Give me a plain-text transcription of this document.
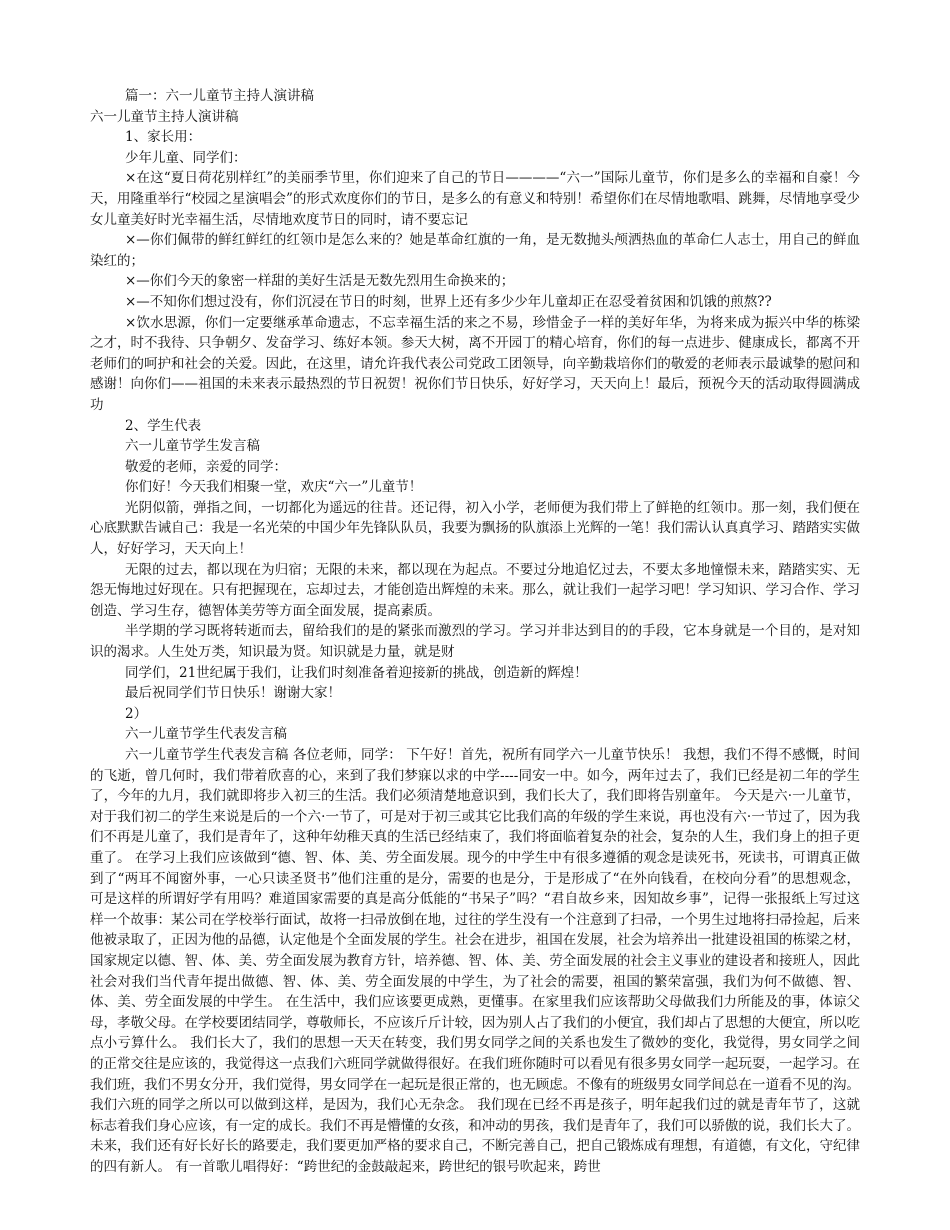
篇一：六一儿童节主持人演讲稿

六一儿童节主持人演讲稿

1、家长用：

少年儿童、同学们：

×在这“夏日荷花别样红”的美丽季节里，你们迎来了自己的节日————“六一”国际儿童节，你们是多么的幸福和自豪！今天，用隆重举行“校园之星演唱会”的形式欢度你们的节日，是多么的有意义和特别！希望你们在尽情地歌唱、跳舞，尽情地享受少女儿童美好时光幸福生活，尽情地欢度节日的同时，请不要忘记

×—你们佩带的鲜红鲜红的红领巾是怎么来的？她是革命红旗的一角，是无数抛头颅洒热血的革命仁人志士，用自己的鲜血染红的；

×—你们今天的象密一样甜的美好生活是无数先烈用生命换来的；

×—不知你们想过没有，你们沉浸在节日的时刻，世界上还有多少少年儿童却正在忍受着贫困和饥饿的煎熬??

×饮水思源，你们一定要继承革命遗志，不忘幸福生活的来之不易，珍惜金子一样的美好年华，为将来成为振兴中华的栋梁之才，时不我待、只争朝夕、发奋学习、练好本领。参天大树，离不开园丁的精心培育，你们的每一点进步、健康成长，都离不开老师们的呵护和社会的关爱。因此，在这里，请允许我代表公司党政工团领导，向辛勤栽培你们的敬爱的老师表示最诚挚的慰问和感谢！向你们——祖国的未来表示最热烈的节日祝贺！祝你们节日快乐，好好学习，天天向上！最后，预祝今天的活动取得圆满成功

2、学生代表

六一儿童节学生发言稿

敬爱的老师，亲爱的同学：

你们好！今天我们相聚一堂，欢庆“六一”儿童节！

光阴似箭，弹指之间，一切都化为遥远的往昔。还记得，初入小学，老师便为我们带上了鲜艳的红领巾。那一刻，我们便在心底默默告诫自己：我是一名光荣的中国少年先锋队队员，我要为飘扬的队旗添上光辉的一笔！我们需认认真真学习、踏踏实实做人，好好学习，天天向上！

无限的过去，都以现在为归宿；无限的未来，都以现在为起点。不要过分地追忆过去，不要太多地憧憬未来，踏踏实实、无怨无悔地过好现在。只有把握现在，忘却过去，才能创造出辉煌的未来。那么，就让我们一起学习吧！学习知识、学习合作、学习创造、学习生存，德智体美劳等方面全面发展，提高素质。

半学期的学习既将转逝而去，留给我们的是的紧张而激烈的学习。学习并非达到目的的手段，它本身就是一个目的，是对知识的渴求。人生处万类，知识最为贤。知识就是力量，就是财

同学们，21世纪属于我们，让我们时刻准备着迎接新的挑战，创造新的辉煌！

最后祝同学们节日快乐！谢谢大家！

2）

六一儿童节学生代表发言稿

六一儿童节学生代表发言稿 各位老师，同学： 下午好！首先，祝所有同学六一儿童节快乐！ 我想，我们不得不感慨，时间的飞逝，曾几何时，我们带着欣喜的心，来到了我们梦寐以求的中学----同安一中。如今，两年过去了，我们已经是初二年的学生了，今年的九月，我们就即将步入初三的生活。我们必须清楚地意识到，我们长大了，我们即将告别童年。 今天是六·一儿童节，对于我们初二的学生来说是后的一个六·一节了，可是对于初三或其它比我们高的年级的学生来说，再也没有六·一节过了，因为我们不再是儿童了，我们是青年了，这种年幼稚天真的生活已经结束了，我们将面临着复杂的社会，复杂的人生，我们身上的担子更重了。 在学习上我们应该做到“德、智、体、美、劳全面发展。现今的中学生中有很多遵循的观念是读死书，死读书，可谓真正做到了“两耳不闻窗外事，一心只读圣贤书”他们注重的是分，需要的也是分，于是形成了“在外向钱看，在校向分看”的思想观念，可是这样的所谓好学有用吗？难道国家需要的真是高分低能的“书呆子”吗？“君自故乡来，因知故乡事”，记得一张报纸上写过这样一个故事：某公司在学校举行面试，故将一扫帚放倒在地，过往的学生没有一个注意到了扫帚，一个男生过地将扫帚捡起，后来他被录取了，正因为他的品德，认定他是个全面发展的学生。社会在进步，祖国在发展，社会为培养出一批建设祖国的栋梁之材，国家规定以德、智、体、美、劳全面发展为教育方针，培养德、智、体、美、劳全面发展的社会主义事业的建设者和接班人，因此社会对我们当代青年提出做德、智、体、美、劳全面发展的中学生，为了社会的需要，祖国的繁荣富强，我们为何不做德、智、体、美、劳全面发展的中学生。 在生活中，我们应该要更成熟，更懂事。在家里我们应该帮助父母做我们力所能及的事，体谅父母，孝敬父母。在学校要团结同学，尊敬师长，不应该斤斤计较，因为别人占了我们的小便宜，我们却占了思想的大便宜，所以吃点小亏算什么。 我们长大了，我们的思想一天天在转变，我们男女同学之间的关系也发生了微妙的变化，我觉得，男女同学之间的正常交往是应该的，我觉得这一点我们六班同学就做得很好。在我们班你随时可以看见有很多男女同学一起玩耍，一起学习。在我们班，我们不男女分开，我们觉得，男女同学在一起玩是很正常的，也无顾虑。不像有的班级男女同学间总在一道看不见的沟。我们六班的同学之所以可以做到这样，是因为，我们心无杂念。 我们现在已经不再是孩子，明年起我们过的就是青年节了，这就标志着我们身心应该，有一定的成长。我们不再是懵懂的女孩，和冲动的男孩，我们是青年了，我们可以骄傲的说，我们长大了。未来，我们还有好长好长的路要走，我们要更加严格的要求自己，不断完善自己，把自己锻炼成有理想，有道德，有文化，守纪律的四有新人。 有一首歌儿唱得好：“跨世纪的金鼓敲起来，跨世纪的银号吹起来，跨世
